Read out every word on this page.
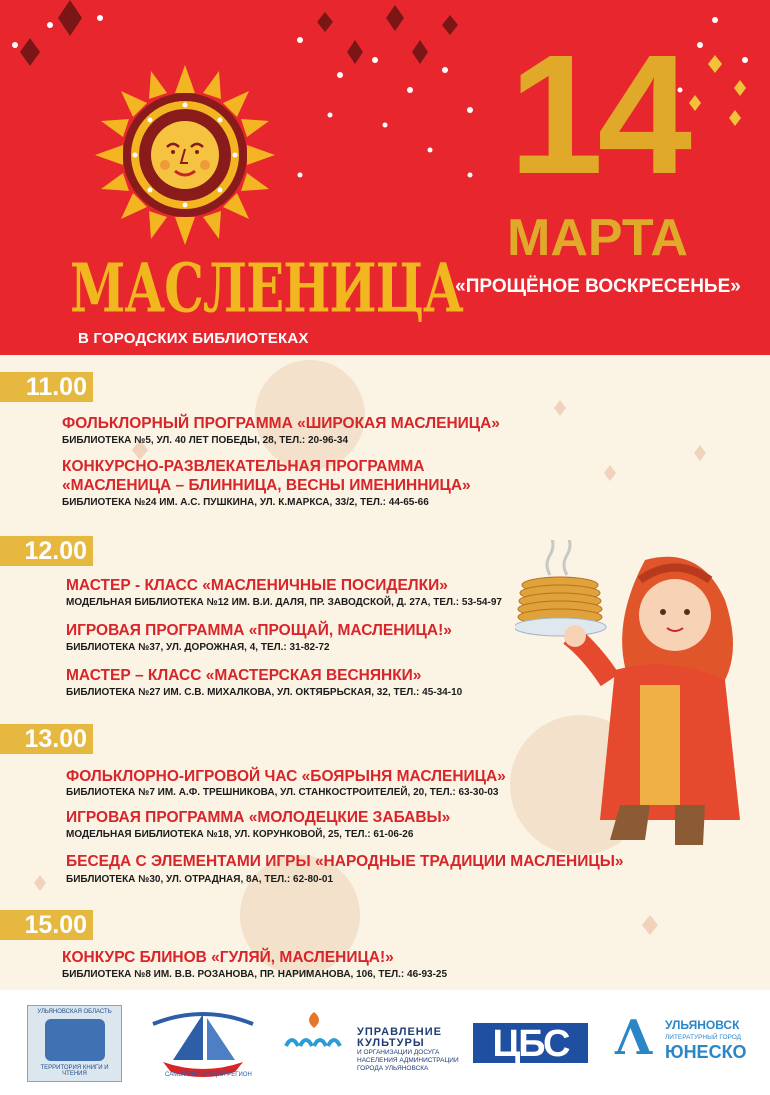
МАСЛЕНИЦА
В ГОРОДСКИХ БИБЛИОТЕКАХ
14
МАРТА
«ПРОЩЁНОЕ ВОСКРЕСЕНЬЕ»
11.00
ФОЛЬКЛОРНЫЙ ПРОГРАММА «ШИРОКАЯ МАСЛЕНИЦА»
БИБЛИОТЕКА №5, УЛ. 40 ЛЕТ ПОБЕДЫ, 28, ТЕЛ.: 20-96-34
КОНКУРСНО-РАЗВЛЕКАТЕЛЬНАЯ ПРОГРАММА
«МАСЛЕНИЦА – БЛИННИЦА, ВЕСНЫ ИМЕНИННИЦА»
БИБЛИОТЕКА №24 ИМ. А.С. ПУШКИНА, УЛ. К.МАРКСА, 33/2, ТЕЛ.: 44-65-66
12.00
МАСТЕР - КЛАСС «МАСЛЕНИЧНЫЕ ПОСИДЕЛКИ»
МОДЕЛЬНАЯ БИБЛИОТЕКА №12 ИМ. В.И. ДАЛЯ, ПР. ЗАВОДСКОЙ, Д. 27А, ТЕЛ.: 53-54-97
ИГРОВАЯ ПРОГРАММА «ПРОЩАЙ, МАСЛЕНИЦА!»
БИБЛИОТЕКА №37, УЛ. ДОРОЖНАЯ, 4, ТЕЛ.: 31-82-72
МАСТЕР – КЛАСС «МАСТЕРСКАЯ ВЕСНЯНКИ»
БИБЛИОТЕКА №27 ИМ. С.В. МИХАЛКОВА, УЛ. ОКТЯБРЬСКАЯ, 32, ТЕЛ.: 45-34-10
13.00
ФОЛЬКЛОРНО-ИГРОВОЙ ЧАС «БОЯРЫНЯ МАСЛЕНИЦА»
БИБЛИОТЕКА №7 ИМ. А.Ф. ТРЕШНИКОВА, УЛ. СТАНКОСТРОИТЕЛЕЙ, 20, ТЕЛ.: 63-30-03
ИГРОВАЯ ПРОГРАММА «МОЛОДЕЦКИЕ ЗАБАВЫ»
МОДЕЛЬНАЯ БИБЛИОТЕКА №18, УЛ. КОРУНКОВОЙ, 25, ТЕЛ.: 61-06-26
БЕСЕДА С ЭЛЕМЕНТАМИ ИГРЫ «НАРОДНЫЕ ТРАДИЦИИ МАСЛЕНИЦЫ»
БИБЛИОТЕКА №30, УЛ. ОТРАДНАЯ, 8А, ТЕЛ.: 62-80-01
15.00
КОНКУРС БЛИНОВ «ГУЛЯЙ, МАСЛЕНИЦА!»
БИБЛИОТЕКА №8 ИМ. В.В. РОЗАНОВА, ПР. НАРИМАНОВА, 106, ТЕЛ.: 46-93-25
УЛЬЯНОВСКАЯ ОБЛАСТЬ
ТЕРРИТОРИЯ КНИГИ И ЧТЕНИЯ	САМЫЙ ЧИТАЮЩИЙ РЕГИОН
УПРАВЛЕНИЕ
КУЛЬТУРЫ
И ОРГАНИЗАЦИИ ДОСУГА
НАСЕЛЕНИЯ АДМИНИСТРАЦИИ
ГОРОДА УЛЬЯНОВСКА
ЦБС Λ УЛЬЯНОВСК
ЛИТЕРАТУРНЫЙ ГОРОД
ЮНЕСКО
